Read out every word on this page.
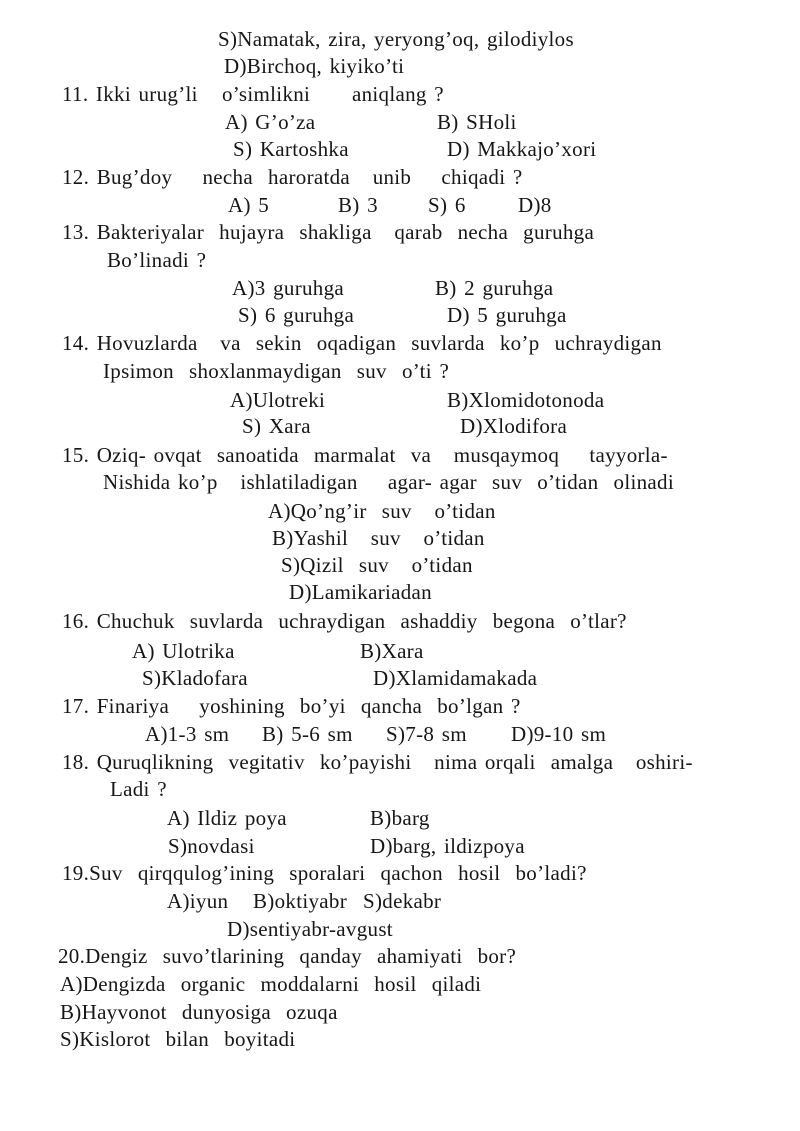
S)Namatak, zira, yeryong’oq, gilodiylos
D)Birchoq, kiyiko’ti
11. Ikki urug’li o’simlikni aniqlang ?
A) G’o’za	B) SHoli
S) Kartoshka	D) Makkajo’xori
12. Bug’doy    necha  haroratda   unib    chiqadi ?
A) 5	B) 3 S) 6 D)8
13. Bakteriyalar  hujayra  shakliga   qarab  necha  guruhga
Bo’linadi ?
A)3 guruhga	B) 2 guruhga
S) 6 guruhga	D) 5 guruhga
14. Hovuzlarda   va  sekin  oqadigan  suvlarda  ko’p  uchraydigan
Ipsimon  shoxlanmaydigan  suv  o’ti ?
A)Ulotreki	B)Xlomidotonoda
S) Xara	D)Xlodifora
15. Oziq- ovqat  sanoatida  marmalat  va   musqaymoq    tayyorla-
Nishida ko’p   ishlatiladigan    agar- agar  suv  o’tidan  olinadi
A)Qo’ng’ir  suv   o’tidan
B)Yashil   suv   o’tidan
S)Qizil  suv   o’tidan
D)Lamikariadan
16. Chuchuk  suvlarda  uchraydigan  ashaddiy  begona  o’tlar?
A) Ulotrika	B)Xara
S)Kladofara	D)Xlamidamakada
17. Finariya    yoshining  bo’yi  qancha  bo’lgan ?
A)1-3 sm B) 5-6 sm S)7-8 sm D)9-10 sm
18. Quruqlikning  vegitativ  ko’payishi   nima orqali  amalga   oshiri-
Ladi ?
A) Ildiz poya	B)barg
S)novdasi	D)barg, ildizpoya
19.Suv  qirqqulog’ining  sporalari  qachon  hosil  bo’ladi?
A)iyun B)oktiyabr S)dekabr
D)sentiyabr-avgust
20.Dengiz  suvo’tlarining  qanday  ahamiyati  bor?
A)Dengizda  organic  moddalarni  hosil  qiladi
B)Hayvonot  dunyosiga  ozuqa
S)Kislorot  bilan  boyitadi
